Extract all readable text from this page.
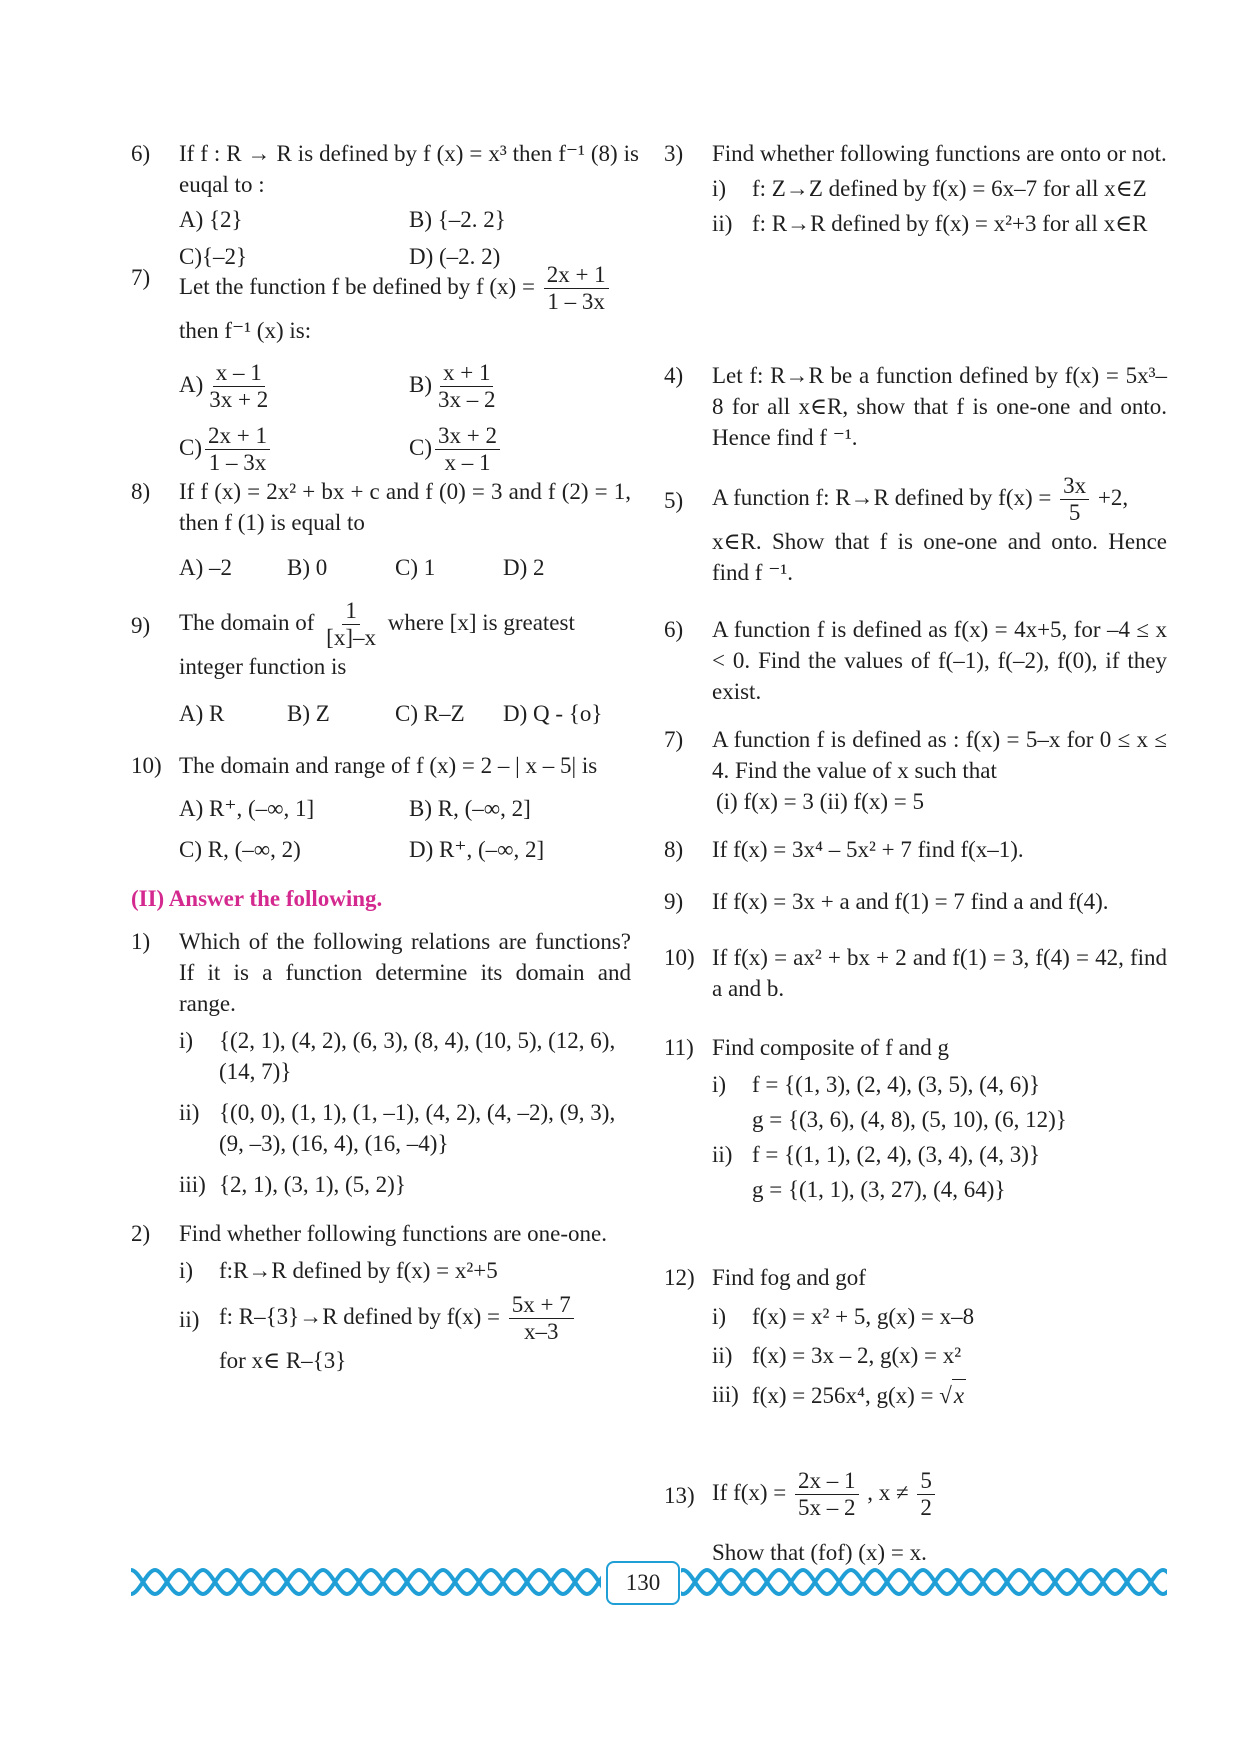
6)	If f : R → R is defined by f (x) = x³ then f⁻¹ (8) is euqal to :
A) {2}	B) {–2. 2}
C){–2}	D) (–2. 2)
7)	Let the function f be defined by f $(x) = \frac{2x + 1}{1 - 3x}$
then f⁻¹ (x) is:
$A) \frac{x - 1}{3x + 2}$	$B) \frac{x + 1}{3x - 2}$
$C) \frac{2x + 1}{1 - 3x}$	$C) \frac{3x + 2}{x - 1}$
8)	If f (x) = 2x² + bx + c and f (0) = 3 and f (2) = 1, then f (1) is equal to
A) –2	B) 0	C) 1	D) 2
9)	The domain of $\frac{1}{[x]-x}$ where [x] is greatest integer function is
A) R	B) Z	C) R–Z	D) Q - {o}
10) The domain and range of f (x) = 2 – | x – 5| is
A) R⁺, (–∞, 1]	B) R, (–∞, 2]
C) R, (–∞, 2)	D) R⁺, (–∞, 2]
(II) Answer the following.
1)	Which of the following relations are functions? If it is a function determine its domain and range.
i)	{(2, 1), (4, 2), (6, 3), (8, 4), (10, 5), (12, 6), (14, 7)}
ii) {(0, 0), (1, 1), (1, –1), (4, 2), (4, –2), (9, 3), (9, –3), (16, 4), (16, –4)}
iii) {2, 1), (3, 1), (5, 2)}
2)	Find whether following functions are one-one.
i)	f:R→R defined by f(x) = x²+5
ii) f: R–{3}→R defined by $f(x) = \frac{5x + 7}{x-3}$
for x∈ R–{3}
3)	Find whether following functions are onto or not.
i)	f: Z→Z defined by f(x) = 6x–7 for all x∈Z
ii) f: R→R defined by f(x) = x²+3 for all x∈R
4)	Let f: R→R be a function defined by f(x) = 5x³–8 for all x∈R, show that f is one-one and onto. Hence find f ⁻¹.
5)	A function f: R→R defined by $f(x) = \frac{3x}{5} +2$,
x∈R. Show that f is one-one and onto. Hence find f ⁻¹.
6)	A function f is defined as f(x) = 4x+5, for –4 ≤ x < 0. Find the values of f(–1), f(–2), f(0), if they exist.
7)	A function f is defined as : f(x) = 5–x for 0 ≤ x ≤ 4. Find the value of x such that
(i) f(x) = 3 (ii) f(x) = 5
8)	If f(x) = 3x⁴ – 5x² + 7 find f(x–1).
9)	If f(x) = 3x + a and f(1) = 7 find a and f(4).
10) If f(x) = ax² + bx + 2 and f(1) = 3, f(4) = 42, find a and b.
11) Find composite of f and g
i)	f = {(1, 3), (2, 4), (3, 5), (4, 6)}
g = {(3, 6), (4, 8), (5, 10), (6, 12)}
ii) f = {(1, 1), (2, 4), (3, 4), (4, 3)}
g = {(1, 1), (3, 27), (4, 64)}
12) Find fog and gof
i)	f(x) = x² + 5, g(x) = x–8
ii) f(x) = 3x – 2, g(x) = x²
iii) f(x) = 256x⁴, g(x) = √ x
13) If $f(x) = \frac{2x - 1}{5x - 2}$ , $x \ne \frac{5}{2}$
Show that (fof) (x) = x.
130
